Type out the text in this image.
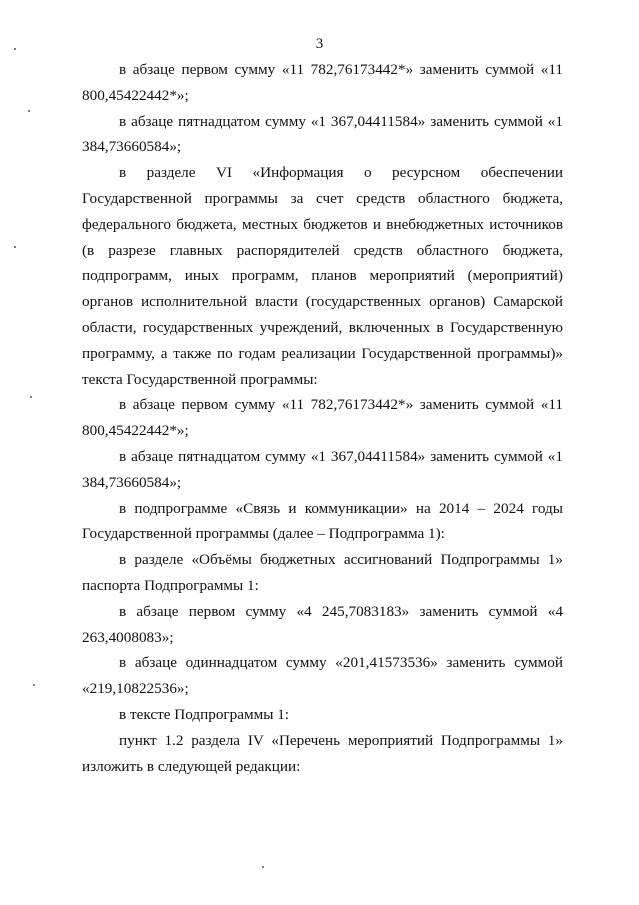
3

в абзаце первом сумму «11 782,76173442*» заменить суммой «11 800,45422442*»;

в абзаце пятнадцатом сумму «1 367,04411584» заменить суммой «1 384,73660584»;

в разделе VI «Информация о ресурсном обеспечении Государственной программы за счет средств областного бюджета, федерального бюджета, местных бюджетов и внебюджетных источников (в разрезе главных распорядителей средств областного бюджета, подпрограмм, иных программ, планов мероприятий (мероприятий) органов исполнительной власти (государственных органов) Самарской области, государственных учреждений, включенных в Государственную программу, а также по годам реализации Государственной программы)» текста Государственной программы:

в абзаце первом сумму «11 782,76173442*» заменить суммой «11 800,45422442*»;

в абзаце пятнадцатом сумму «1 367,04411584» заменить суммой «1 384,73660584»;

в подпрограмме «Связь и коммуникации» на 2014 – 2024 годы Государственной программы (далее – Подпрограмма 1):

в разделе «Объёмы бюджетных ассигнований Подпрограммы 1» паспорта Подпрограммы 1:

в абзаце первом сумму «4 245,7083183» заменить суммой «4 263,4008083»;

в абзаце одиннадцатом сумму «201,41573536» заменить суммой «219,10822536»;

в тексте Подпрограммы 1:

пункт 1.2 раздела IV «Перечень мероприятий Подпрограммы 1» изложить в следующей редакции:
